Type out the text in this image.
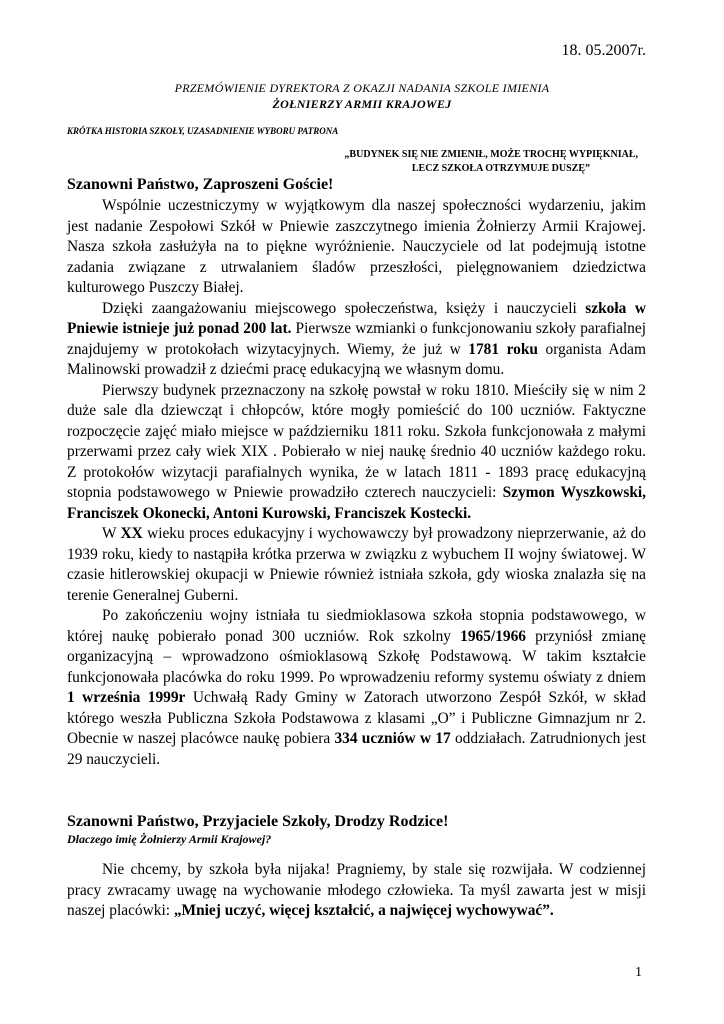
18. 05.2007r.
PRZEMÓWIENIE DYREKTORA Z OKAZJI NADANIA SZKOLE IMIENIA
ŻOŁNIERZY ARMII KRAJOWEJ
KRÓTKA HISTORIA SZKOŁY, UZASADNIENIE WYBORU PATRONA
„BUDYNEK SIĘ NIE ZMIENIŁ, MOŻE TROCHĘ WYPIĘKNIAŁ,
LECZ SZKOŁA OTRZYMUJE DUSZĘ”
Szanowni Państwo, Zaproszeni Goście!

Wspólnie uczestniczymy w wyjątkowym dla naszej społeczności wydarzeniu, jakim jest nadanie Zespołowi Szkół w Pniewie zaszczytnego imienia Żołnierzy Armii Krajowej. Nasza szkoła zasłużyła na to piękne wyróżnienie. Nauczyciele od lat podejmują istotne zadania związane z utrwalaniem śladów przeszłości, pielęgnowaniem dziedzictwa kulturowego Puszczy Białej.

Dzięki zaangażowaniu miejscowego społeczeństwa, księży i nauczycieli szkoła w Pniewie istnieje już ponad 200 lat. Pierwsze wzmianki o funkcjonowaniu szkoły parafialnej znajdujemy w protokołach wizytacyjnych. Wiemy, że już w 1781 roku organista Adam Malinowski prowadził z dziećmi pracę edukacyjną we własnym domu.

Pierwszy budynek przeznaczony na szkołę powstał w roku 1810. Mieściły się w nim 2 duże sale dla dziewcząt i chłopców, które mogły pomieścić do 100 uczniów. Faktyczne rozpoczęcie zajęć miało miejsce w październiku 1811 roku. Szkoła funkcjonowała z małymi przerwami przez cały wiek XIX . Pobierało w niej naukę średnio 40 uczniów każdego roku. Z protokołów wizytacji parafialnych wynika, że w latach 1811 - 1893 pracę edukacyjną stopnia podstawowego w Pniewie prowadziło czterech nauczycieli: Szymon Wyszkowski, Franciszek Okonecki, Antoni Kurowski, Franciszek Kostecki.

W XX wieku proces edukacyjny i wychowawczy był prowadzony nieprzerwanie, aż do 1939 roku, kiedy to nastąpiła krótka przerwa w związku z wybuchem II wojny światowej. W czasie hitlerowskiej okupacji w Pniewie również istniała szkoła, gdy wioska znalazła się na terenie Generalnej Guberni.

Po zakończeniu wojny istniała tu siedmioklasowa szkoła stopnia podstawowego, w której naukę pobierało ponad 300 uczniów. Rok szkolny 1965/1966 przyniósł zmianę organizacyjną – wprowadzono ośmioklasową Szkołę Podstawową. W takim kształcie funkcjonowała placówka do roku 1999. Po wprowadzeniu reformy systemu oświaty z dniem 1 września 1999r Uchwałą Rady Gminy w Zatorach utworzono Zespół Szkół, w skład którego weszła Publiczna Szkoła Podstawowa z klasami „O” i Publiczne Gimnazjum nr 2. Obecnie w naszej placówce naukę pobiera 334 uczniów w 17 oddziałach. Zatrudnionych jest 29 nauczycieli.

Szanowni Państwo, Przyjaciele Szkoły, Drodzy Rodzice!
Dlaczego imię Żołnierzy Armii Krajowej?

Nie chcemy, by szkoła była nijaka! Pragniemy, by stale się rozwijała. W codziennej pracy zwracamy uwagę na wychowanie młodego człowieka. Ta myśl zawarta jest w misji naszej placówki: „Mniej uczyć, więcej kształcić, a najwięcej wychowywać”.

1
